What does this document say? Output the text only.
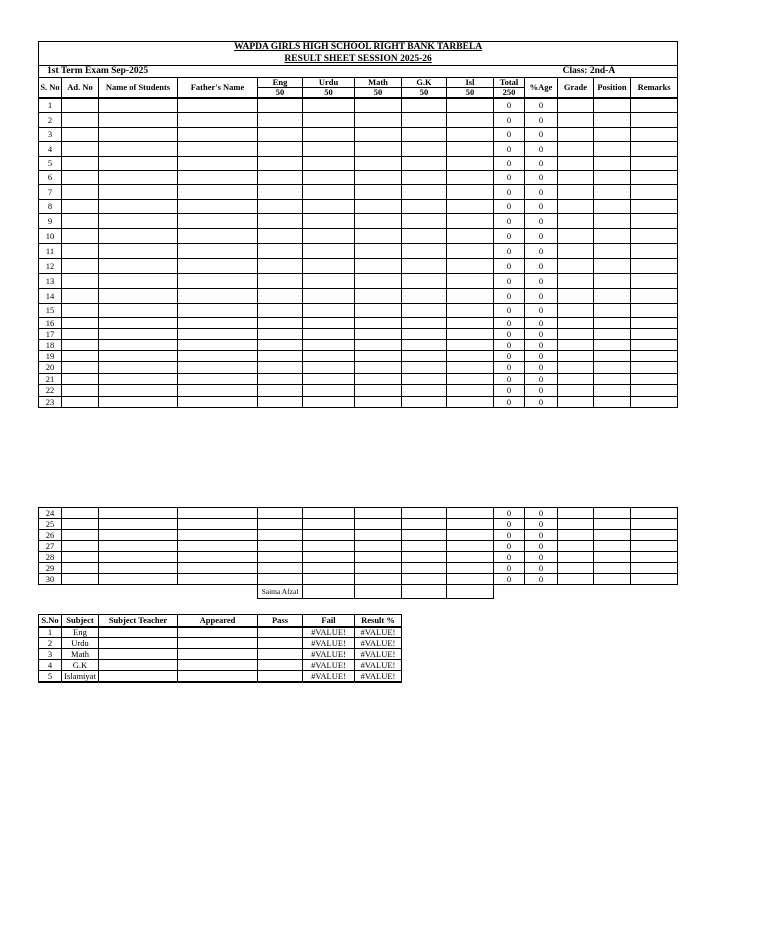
WAPDA GIRLS HIGH SCHOOL RIGHT BANK TARBELA													
RESULT SHEET SESSION 2025-26													
1st Term Exam Sep-2025							Class: 2nd-A						
S. No	Ad. No	Name of Students	Father's Name	Eng	Urdu	Math	G.K	Isl	Total	%Age	Grade	Position	Remarks
				50	50	50	50	50	250				
1									0	0			
2									0	0			
3									0	0			
4									0	0			
5									0	0			
6									0	0			
7									0	0			
8									0	0			
9									0	0			
10									0	0			
11									0	0			
12									0	0			
13									0	0			
14									0	0			
15									0	0			
16									0	0			
17									0	0			
18									0	0			
19									0	0			
20									0	0			
21									0	0			
22									0	0			
23									0	0			
24									0	0			
25									0	0			
26									0	0			
27									0	0			
28									0	0			
29									0	0			
30									0	0			
				Saima Afzal									
S.No	Subject	Subject Teacher	Appeared	Pass	Fail	Result %
1	Eng				#VALUE!	#VALUE!
2	Urdu				#VALUE!	#VALUE!
3	Math				#VALUE!	#VALUE!
4	G.K				#VALUE!	#VALUE!
5	Islamiyat				#VALUE!	#VALUE!
